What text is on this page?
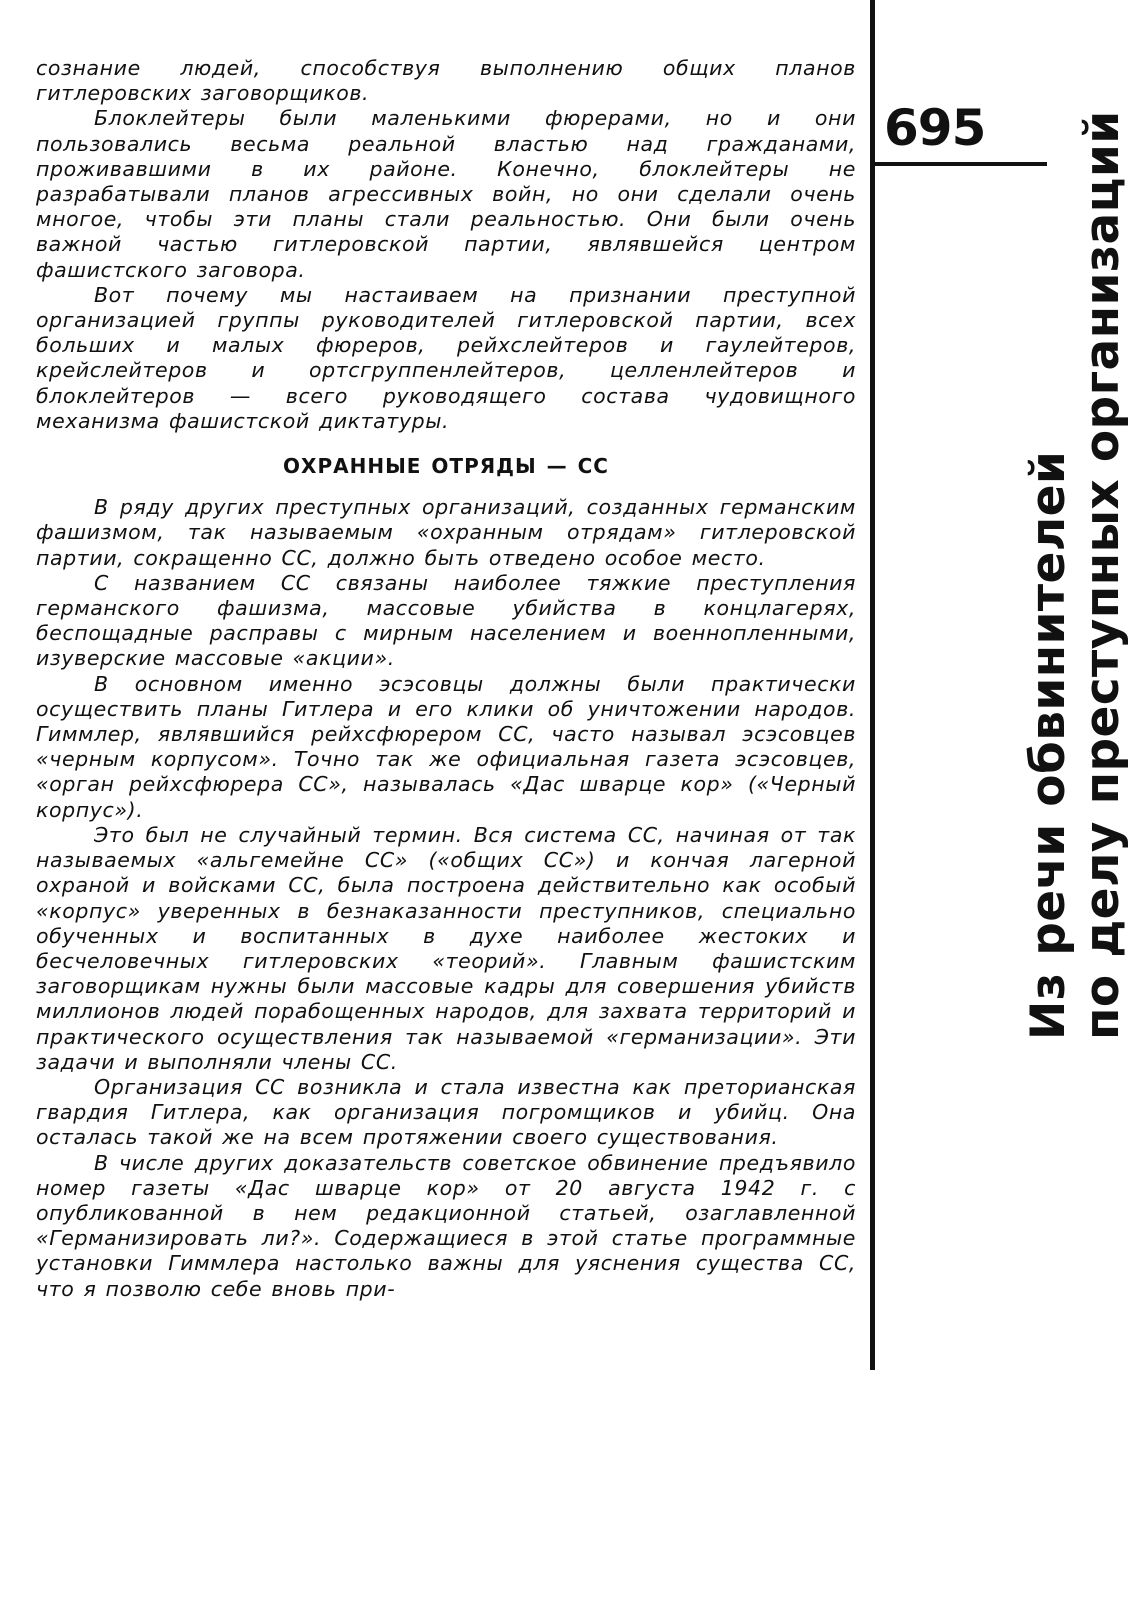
сознание людей, способствуя выполнению общих планов гитлеровских заговорщиков.

Блоклейтеры были маленькими фюрерами, но и они пользовались весьма реальной властью над гражданами, проживавшими в их районе. Конечно, блоклейтеры не разрабатывали планов агрессивных войн, но они сделали очень многое, чтобы эти планы стали реальностью. Они были очень важной частью гитлеровской партии, являвшейся центром фашистского заговора.

Вот почему мы настаиваем на признании преступной организацией группы руководителей гитлеровской партии, всех больших и малых фюреров, рейхслейтеров и гаулейтеров, крейслейтеров и ортсгруппенлейтеров, целленлейтеров и блоклейтеров — всего руководящего состава чудовищного механизма фашистской диктатуры.

ОХРАННЫЕ ОТРЯДЫ — СС

В ряду других преступных организаций, созданных германским фашизмом, так называемым «охранным отрядам» гитлеровской партии, сокращенно СС, должно быть отведено особое место.

С названием СС связаны наиболее тяжкие преступления германского фашизма, массовые убийства в концлагерях, беспощадные расправы с мирным населением и военнопленными, изуверские массовые «акции».

В основном именно эсэсовцы должны были практически осуществить планы Гитлера и его клики об уничтожении народов. Гиммлер, являвшийся рейхсфюрером СС, часто называл эсэсовцев «черным корпусом». Точно так же официальная газета эсэсовцев, «орган рейхсфюрера СС», называлась «Дас шварце кор» («Черный корпус»).

Это был не случайный термин. Вся система СС, начиная от так называемых «альгемейне СС» («общих СС») и кончая лагерной охраной и войсками СС, была построена действительно как особый «корпус» уверенных в безнаказанности преступников, специально обученных и воспитанных в духе наиболее жестоких и бесчеловечных гитлеровских «теорий». Главным фашистским заговорщикам нужны были массовые кадры для совершения убийств миллионов людей порабощенных народов, для захвата территорий и практического осуществления так называемой «германизации». Эти задачи и выполняли члены СС.

Организация СС возникла и стала известна как преторианская гвардия Гитлера, как организация погромщиков и убийц. Она осталась такой же на всем протяжении своего существования.

В числе других доказательств советское обвинение предъявило номер газеты «Дас шварце кор» от 20 августа 1942 г. с опубликованной в нем редакционной статьей, озаглавленной «Германизировать ли?». Содержащиеся в этой статье программные установки Гиммлера настолько важны для уяснения существа СС, что я позволю себе вновь при-

695
Из речи обвинителей по делу преступных организаций
